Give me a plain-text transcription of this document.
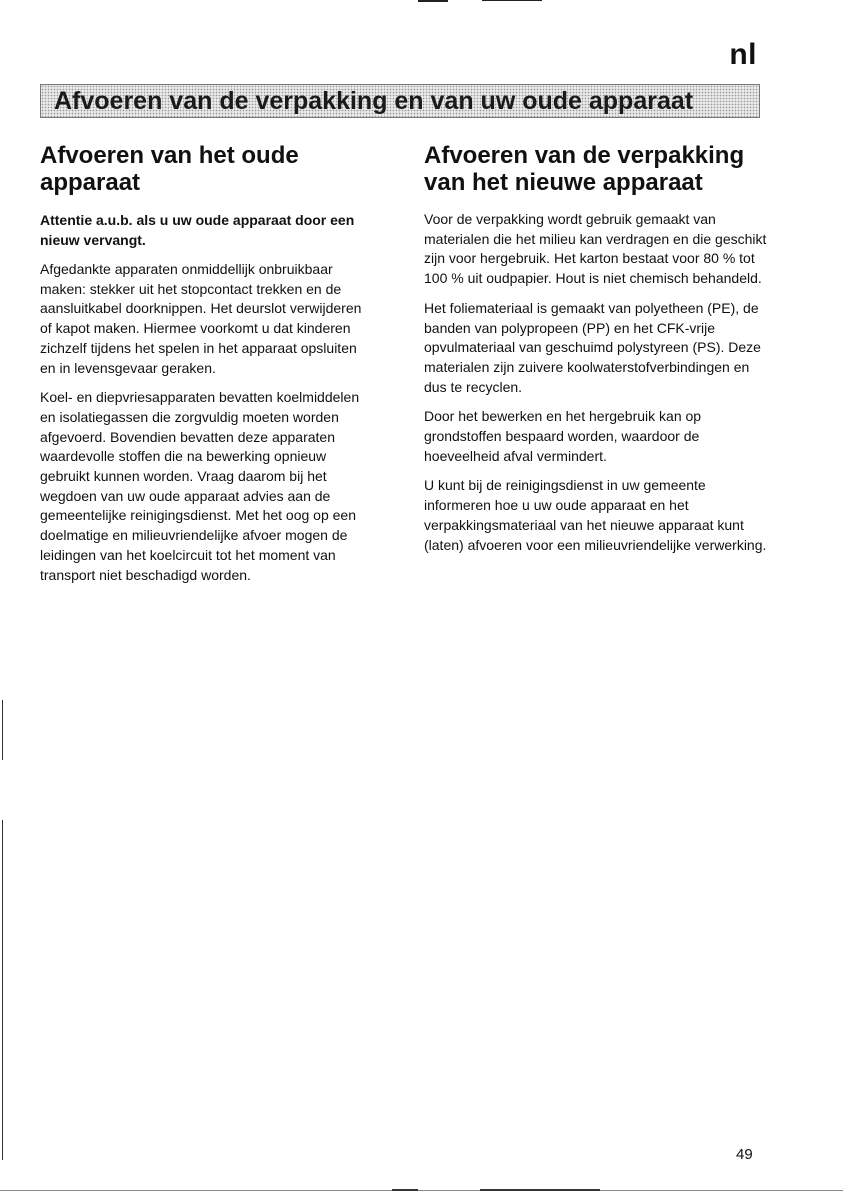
nl
Afvoeren van de verpakking en van uw oude apparaat
Afvoeren van het oude apparaat

Attentie a.u.b. als u uw oude apparaat door een nieuw vervangt.

Afgedankte apparaten onmiddellijk onbruikbaar maken: stekker uit het stopcontact trekken en de aansluitkabel doorknippen. Het deurslot verwijderen of kapot maken. Hiermee voorkomt u dat kinderen zichzelf tijdens het spelen in het apparaat opsluiten en in levensgevaar geraken.

Koel- en diepvriesapparaten bevatten koelmiddelen en isolatiegassen die zorgvuldig moeten worden afgevoerd. Bovendien bevatten deze apparaten waardevolle stoffen die na bewerking opnieuw gebruikt kunnen worden. Vraag daarom bij het wegdoen van uw oude apparaat advies aan de gemeentelijke reinigingsdienst. Met het oog op een doelmatige en milieuvriendelijke afvoer mogen de leidingen van het koelcircuit tot het moment van transport niet beschadigd worden.

Afvoeren van de verpakking van het nieuwe apparaat

Voor de verpakking wordt gebruik gemaakt van materialen die het milieu kan verdragen en die geschikt zijn voor hergebruik. Het karton bestaat voor 80 % tot 100 % uit oudpapier. Hout is niet chemisch behandeld.

Het foliemateriaal is gemaakt van polyetheen (PE), de banden van polypropeen (PP) en het CFK-vrije opvulmateriaal van geschuimd polystyreen (PS). Deze materialen zijn zuivere koolwaterstofverbindingen en dus te recyclen.

Door het bewerken en het hergebruik kan op grondstoffen bespaard worden, waardoor de hoeveelheid afval vermindert.

U kunt bij de reinigingsdienst in uw gemeente informeren hoe u uw oude apparaat en het verpakkingsmateriaal van het nieuwe apparaat kunt (laten) afvoeren voor een milieuvriendelijke verwerking.

49
